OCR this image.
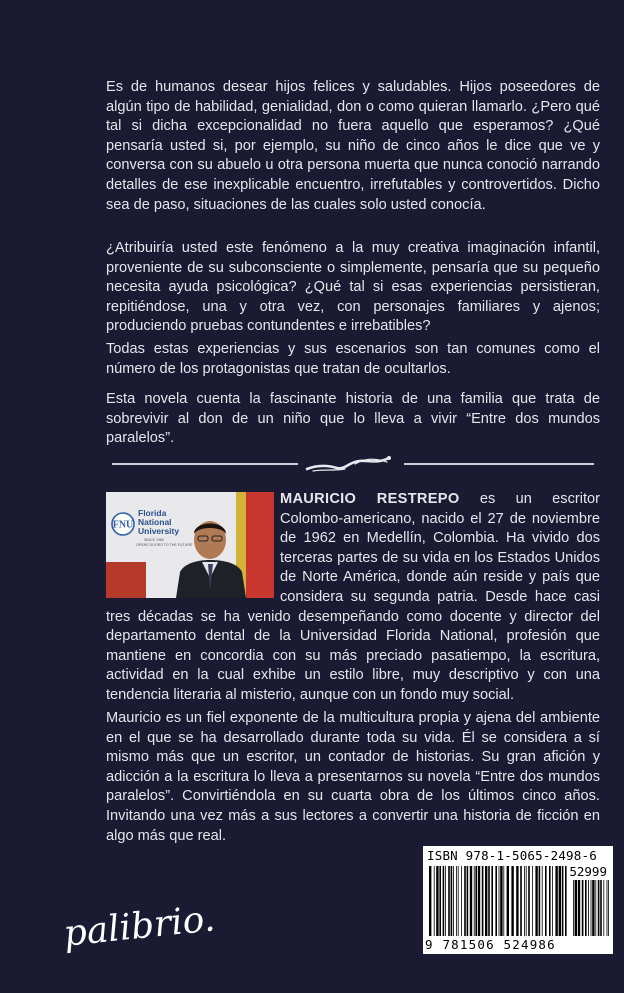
Es de humanos desear hijos felices y saludables. Hijos poseedores de algún tipo de habilidad, genialidad, don o como quieran llamarlo. ¿Pero qué tal si dicha excepcionalidad no fuera aquello que esperamos? ¿Qué pensaría usted si, por ejemplo, su niño de cinco años le dice que ve y conversa con su abuelo u otra persona muerta que nunca conoció narrando detalles de ese inexplicable encuentro, irrefutables y controvertidos. Dicho sea de paso, situaciones de las cuales solo usted conocía.

¿Atribuiría usted este fenómeno a la muy creativa imaginación infantil, proveniente de su subconsciente o simplemente, pensaría que su pequeño necesita ayuda psicológica? ¿Qué tal si esas experiencias persistieran, repitiéndose, una y otra vez, con personajes familiares y ajenos; produciendo pruebas contundentes e irrebatibles?

Todas estas experiencias y sus escenarios son tan comunes como el número de los protagonistas que tratan de ocultarlos.

Esta novela cuenta la fascinante historia de una familia que trata de sobrevivir al don de un niño que lo lleva a vivir “Entre dos mundos paralelos”.

FNU
Florida
National
University
SINCE 1982
OPENS DOORS TO THE FUTURE
MAURICIO RESTREPO es un escritor Colombo-americano, nacido el 27 de noviembre de 1962 en Medellín, Colombia. Ha vivido dos terceras partes de su vida en los Estados Unidos de Norte América, donde aún reside y país que considera su segunda patria. Desde hace casi tres décadas se ha venido desempeñando como docente y director del departamento dental de la Universidad Florida National, profesión que mantiene en concordia con su más preciado pasatiempo, la escritura, actividad en la cual exhibe un estilo libre, muy descriptivo y con una tendencia literaria al misterio, aunque con un fondo muy social.

Mauricio es un fiel exponente de la multicultura propia y ajena del ambiente en el que se ha desarrollado durante toda su vida. Él se considera a sí mismo más que un escritor, un contador de historias. Su gran afición y adicción a la escritura lo lleva a presentarnos su novela “Entre dos mundos paralelos”. Convirtiéndola en su cuarta obra de los últimos cinco años. Invitando una vez más a sus lectores a convertir una historia de ficción en algo más que real.

palibrio.
ISBN 978-1-5065-2498-6
52999
9 781506 524986
